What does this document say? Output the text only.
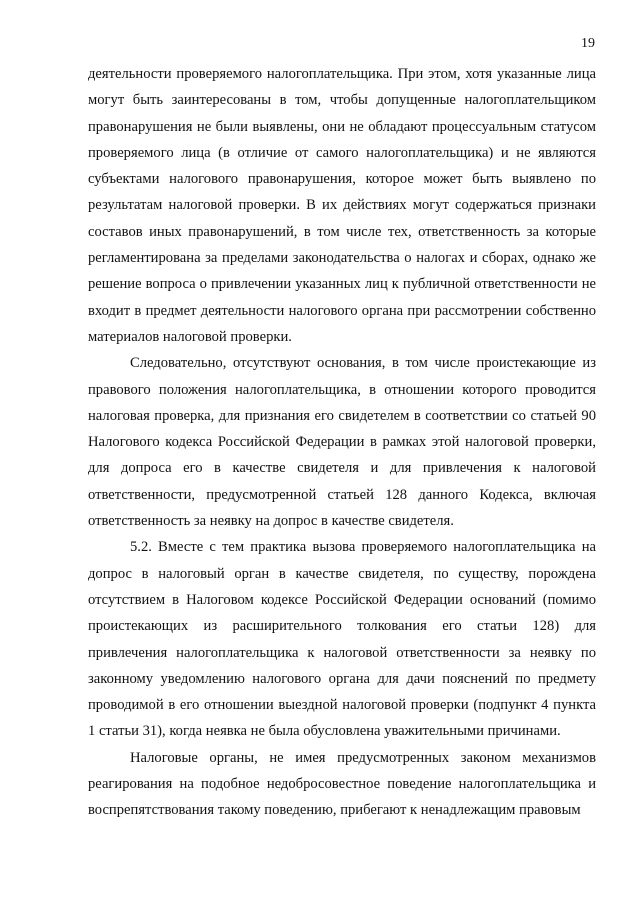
19

деятельности проверяемого налогоплательщика. При этом, хотя указанные лица могут быть заинтересованы в том, чтобы допущенные налогоплательщиком правонарушения не были выявлены, они не обладают процессуальным статусом проверяемого лица (в отличие от самого налогоплательщика) и не являются субъектами налогового правонарушения, которое может быть выявлено по результатам налоговой проверки. В их действиях могут содержаться признаки составов иных правонарушений, в том числе тех, ответственность за которые регламентирована за пределами законодательства о налогах и сборах, однако же решение вопроса о привлечении указанных лиц к публичной ответственности не входит в предмет деятельности налогового органа при рассмотрении собственно материалов налоговой проверки.

Следовательно, отсутствуют основания, в том числе проистекающие из правового положения налогоплательщика, в отношении которого проводится налоговая проверка, для признания его свидетелем в соответствии со статьей 90 Налогового кодекса Российской Федерации в рамках этой налоговой проверки, для допроса его в качестве свидетеля и для привлечения к налоговой ответственности, предусмотренной статьей 128 данного Кодекса, включая ответственность за неявку на допрос в качестве свидетеля.

5.2. Вместе с тем практика вызова проверяемого налогоплательщика на допрос в налоговый орган в качестве свидетеля, по существу, порождена отсутствием в Налоговом кодексе Российской Федерации оснований (помимо проистекающих из расширительного толкования его статьи 128) для привлечения налогоплательщика к налоговой ответственности за неявку по законному уведомлению налогового органа для дачи пояснений по предмету проводимой в его отношении выездной налоговой проверки (подпункт 4 пункта 1 статьи 31), когда неявка не была обусловлена уважительными причинами.

Налоговые органы, не имея предусмотренных законом механизмов реагирования на подобное недобросовестное поведение налогоплательщика и воспрепятствования такому поведению, прибегают к ненадлежащим правовым
